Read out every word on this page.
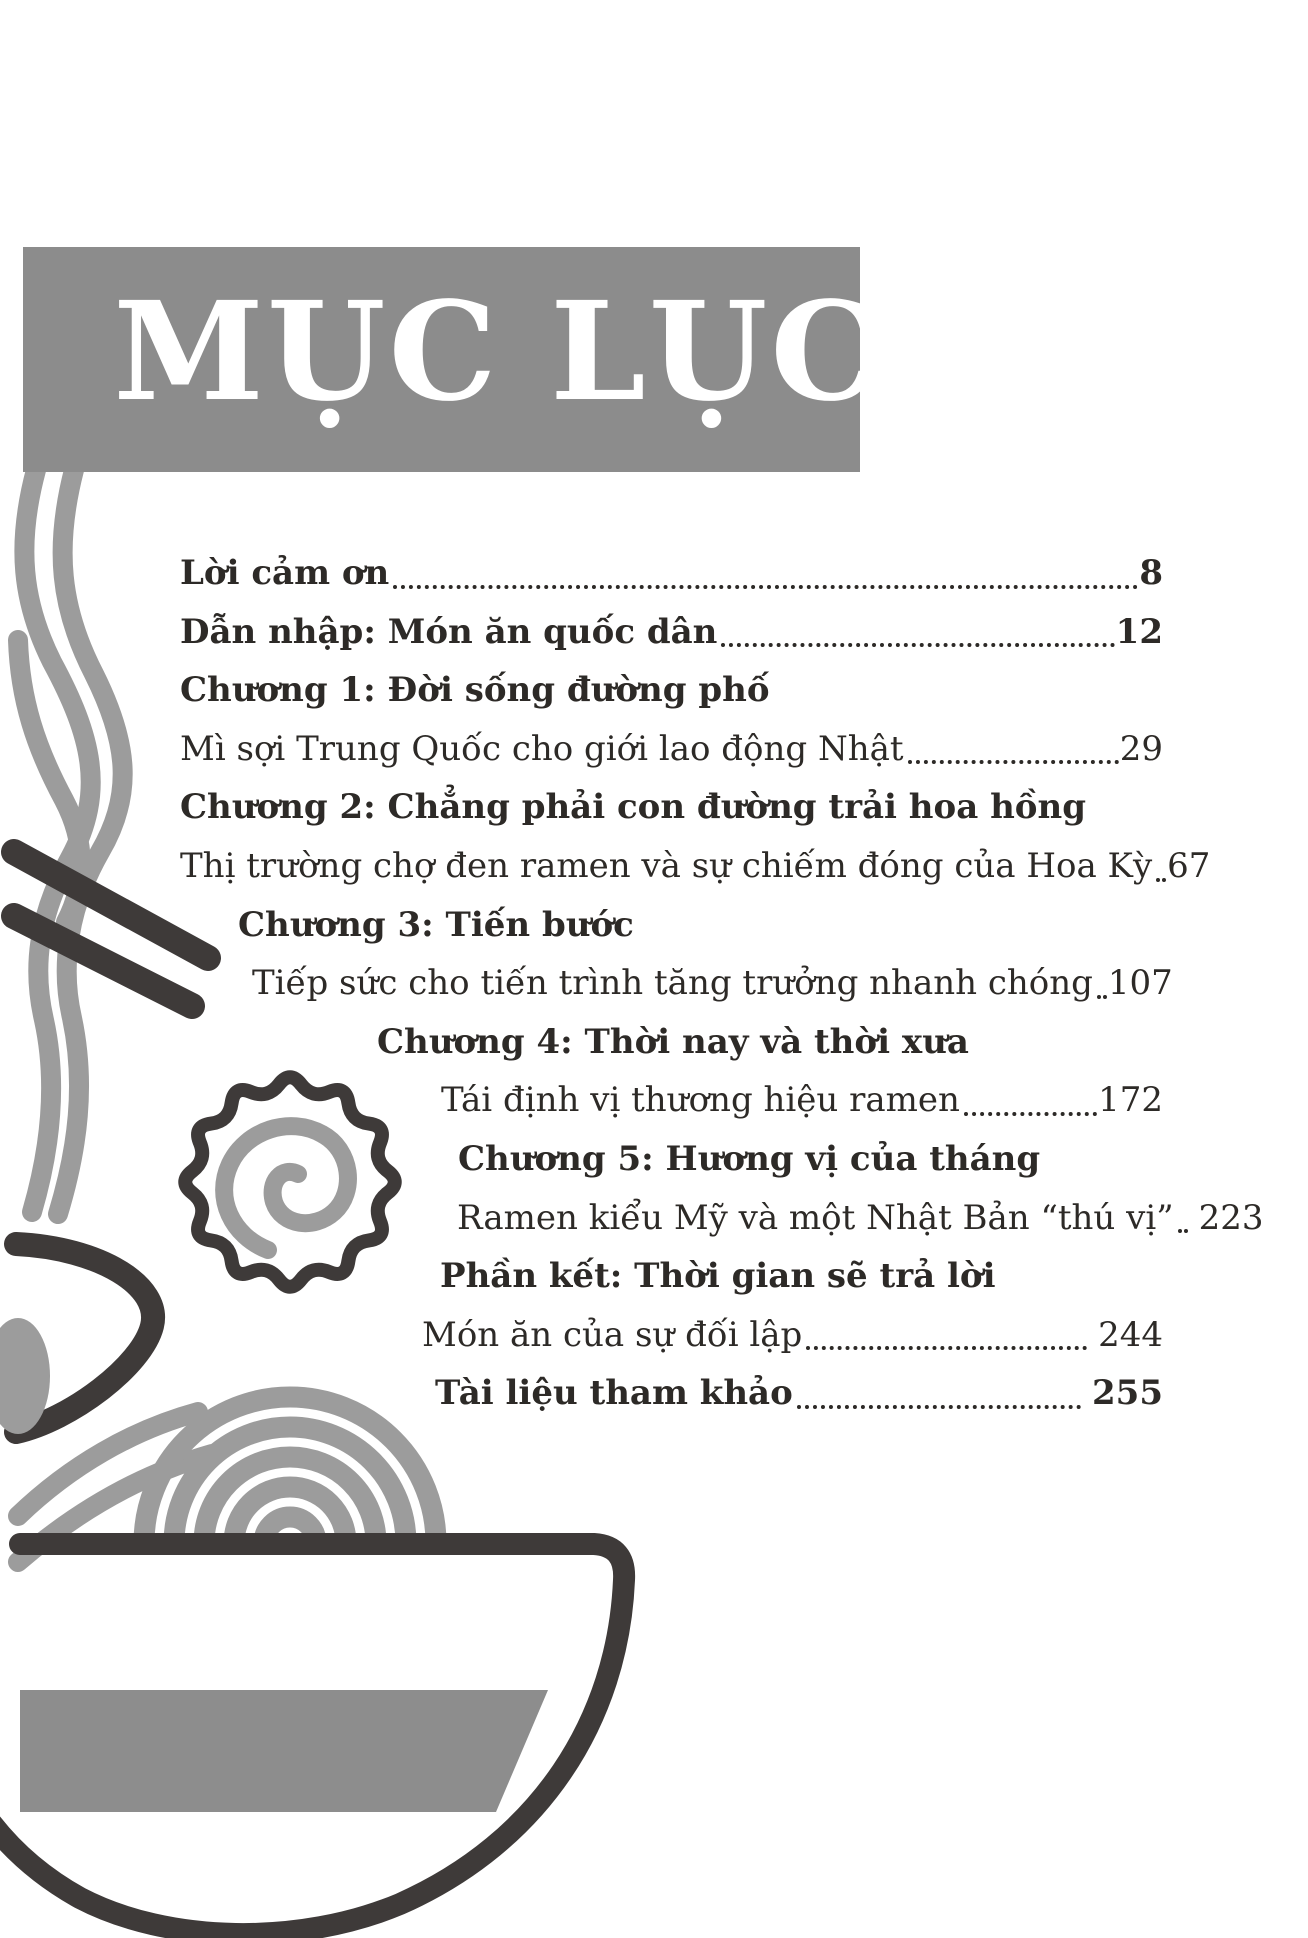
MỤC LỤC
Lời cảm ơn	8
Dẫn nhập: Món ăn quốc dân	12
Chương 1: Đời sống đường phố
Mì sợi Trung Quốc cho giới lao động Nhật	29
Chương 2: Chẳng phải con đường trải hoa hồng
Thị trường chợ đen ramen và sự chiếm đóng của Hoa Kỳ 67
Chương 3: Tiến bước
Tiếp sức cho tiến trình tăng trưởng nhanh chóng 107
Chương 4: Thời nay và thời xưa
Tái định vị thương hiệu ramen	172
Chương 5: Hương vị của tháng
Ramen kiểu Mỹ và một Nhật Bản “thú vị” 223
Phần kết: Thời gian sẽ trả lời
Món ăn của sự đối lập	244
Tài liệu tham khảo	255
